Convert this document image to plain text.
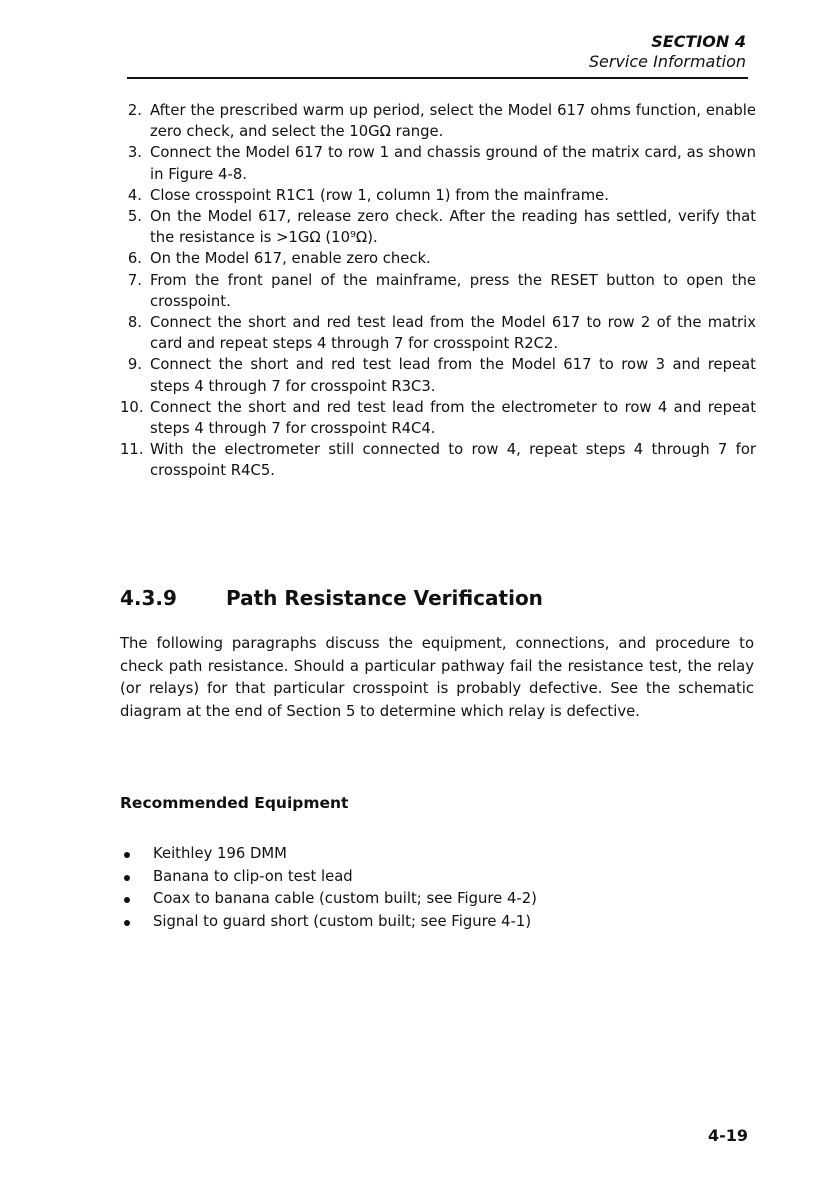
SECTION 4
Service Information
2. After the prescribed warm up period, select the Model 617 ohms function, enable zero check, and select the 10GΩ range.
3. Connect the Model 617 to row 1 and chassis ground of the matrix card, as shown in Figure 4-8.
4. Close crosspoint R1C1 (row 1, column 1) from the mainframe.
5. On the Model 617, release zero check. After the reading has settled, verify that the resistance is >1GΩ (10⁹Ω).
6. On the Model 617, enable zero check.
7. From the front panel of the mainframe, press the RESET button to open the crosspoint.
8. Connect the short and red test lead from the Model 617 to row 2 of the matrix card and repeat steps 4 through 7 for crosspoint R2C2.
9. Connect the short and red test lead from the Model 617 to row 3 and repeat steps 4 through 7 for crosspoint R3C3.
10. Connect the short and red test lead from the electrometer to row 4 and repeat steps 4 through 7 for crosspoint R4C4.
11. With the electrometer still connected to row 4, repeat steps 4 through 7 for crosspoint R4C5.
4.3.9 Path Resistance Verification

The following paragraphs discuss the equipment, connections, and procedure to check path resistance. Should a particular pathway fail the resistance test, the relay (or relays) for that particular crosspoint is probably defective. See the schematic diagram at the end of Section 5 to determine which relay is defective.

Recommended Equipment
Keithley 196 DMM
Banana to clip-on test lead
Coax to banana cable (custom built; see Figure 4-2)
Signal to guard short (custom built; see Figure 4-1)
4-19
